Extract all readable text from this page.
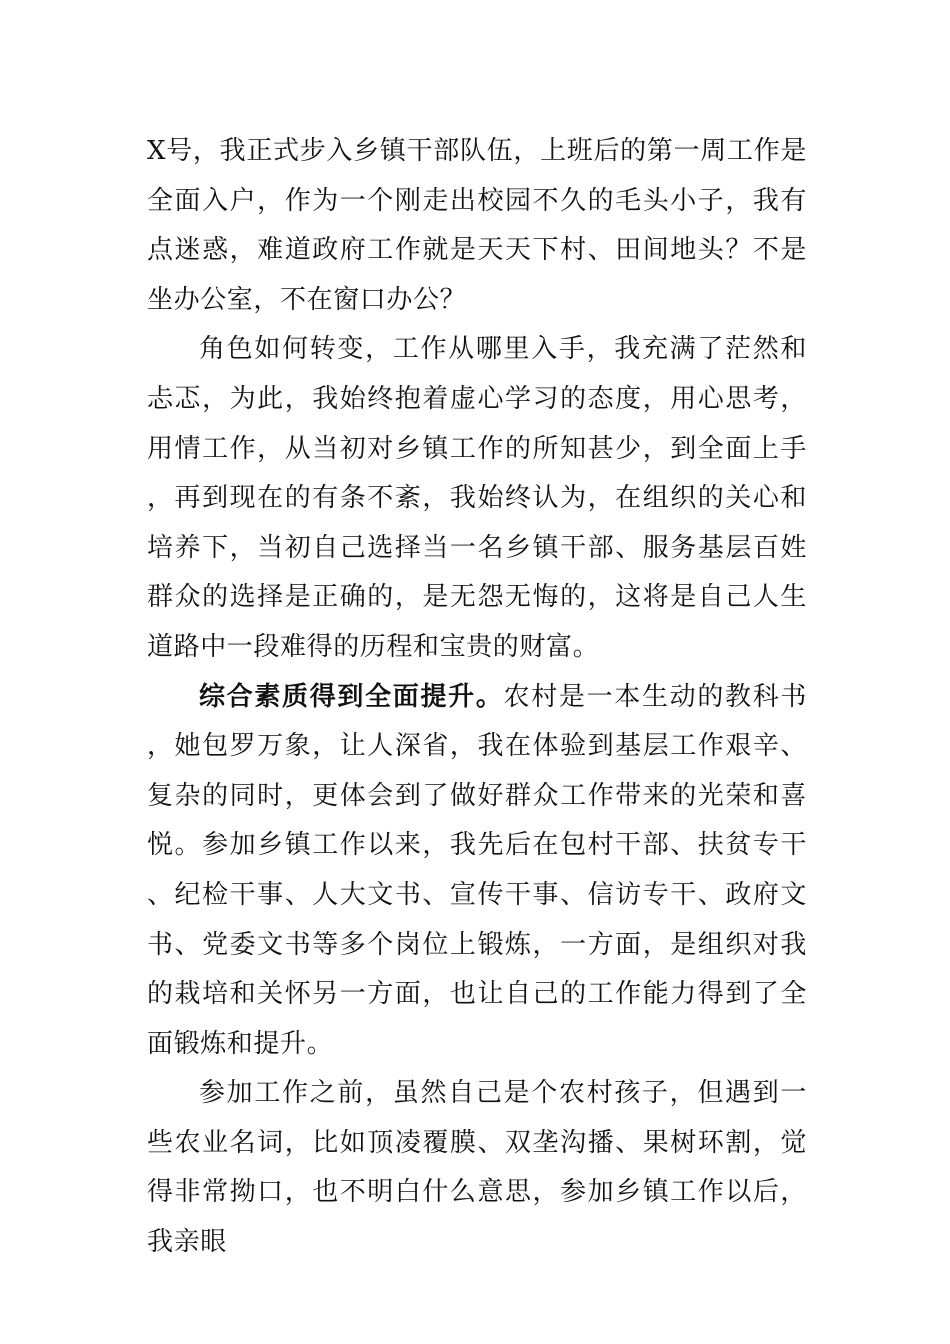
X号，我正式步入乡镇干部队伍，上班后的第一周工作是全面入户，作为一个刚走出校园不久的毛头小子，我有点迷惑，难道政府工作就是天天下村、田间地头？不是坐办公室，不在窗口办公？

角色如何转变，工作从哪里入手，我充满了茫然和忐忑，为此，我始终抱着虚心学习的态度，用心思考，用情工作，从当初对乡镇工作的所知甚少，到全面上手，再到现在的有条不紊，我始终认为，在组织的关心和培养下，当初自己选择当一名乡镇干部、服务基层百姓群众的选择是正确的，是无怨无悔的，这将是自己人生道路中一段难得的历程和宝贵的财富。

综合素质得到全面提升。农村是一本生动的教科书，她包罗万象，让人深省，我在体验到基层工作艰辛、复杂的同时，更体会到了做好群众工作带来的光荣和喜悦。参加乡镇工作以来，我先后在包村干部、扶贫专干、纪检干事、人大文书、宣传干事、信访专干、政府文书、党委文书等多个岗位上锻炼，一方面，是组织对我的栽培和关怀另一方面，也让自己的工作能力得到了全面锻炼和提升。

参加工作之前，虽然自己是个农村孩子，但遇到一些农业名词，比如顶凌覆膜、双垄沟播、果树环割，觉得非常拗口，也不明白什么意思，参加乡镇工作以后，我亲眼
